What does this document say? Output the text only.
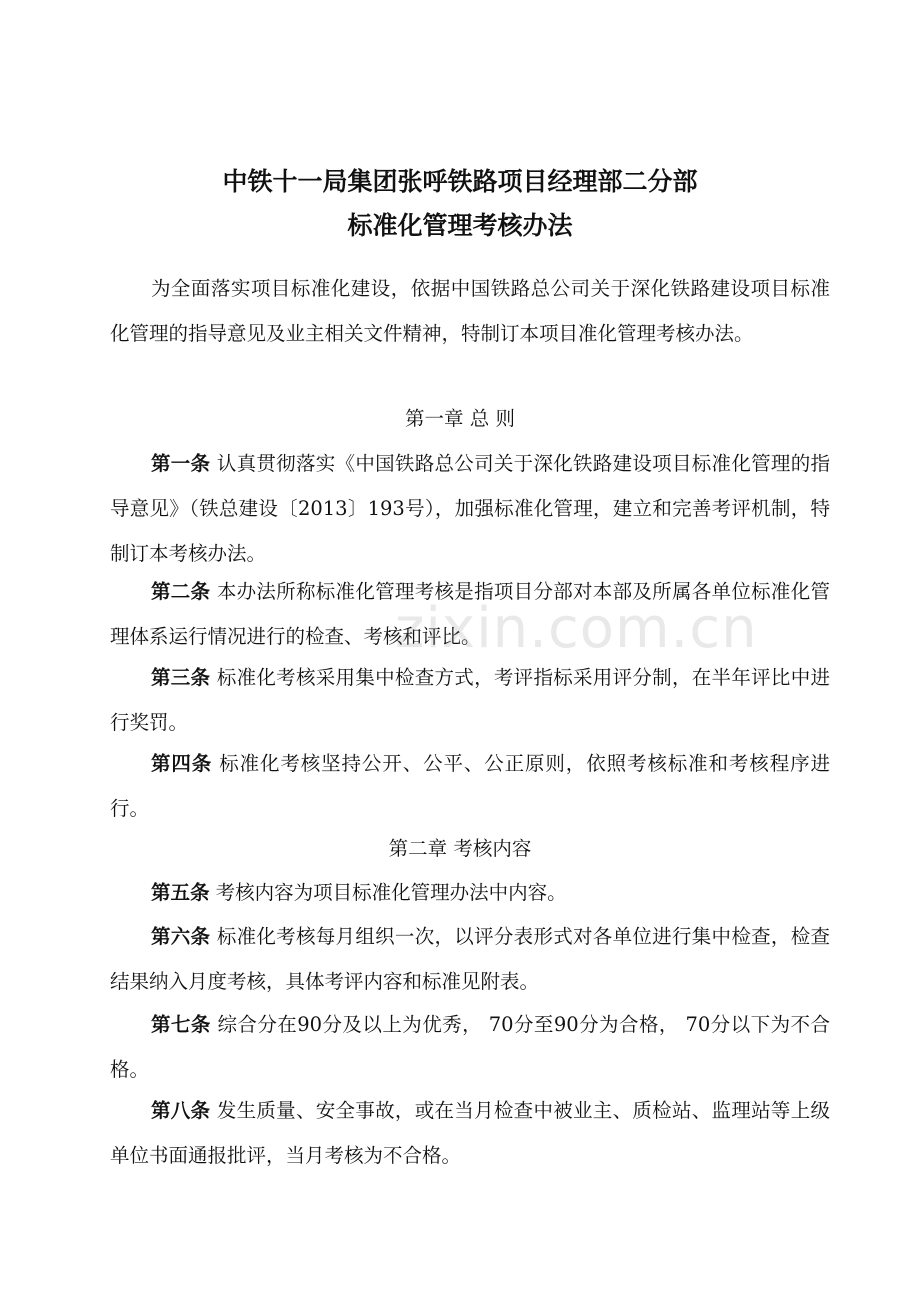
中铁十一局集团张呼铁路项目经理部二分部
标准化管理考核办法
为全面落实项目标准化建设，依据中国铁路总公司关于深化铁路建设项目标准化管理的指导意见及业主相关文件精神，特制订本项目准化管理考核办法。
第一章 总 则
第一条 认真贯彻落实《中国铁路总公司关于深化铁路建设项目标准化管理的指导意见》（铁总建设〔2013〕193号），加强标准化管理，建立和完善考评机制，特制订本考核办法。
第二条 本办法所称标准化管理考核是指项目分部对本部及所属各单位标准化管理体系运行情况进行的检查、考核和评比。
第三条 标准化考核采用集中检查方式，考评指标采用评分制，在半年评比中进行奖罚。
第四条 标准化考核坚持公开、公平、公正原则，依照考核标准和考核程序进行。
第二章 考核内容
第五条 考核内容为项目标准化管理办法中内容。
第六条 标准化考核每月组织一次，以评分表形式对各单位进行集中检查，检查结果纳入月度考核，具体考评内容和标准见附表。
第七条 综合分在90分及以上为优秀， 70分至90分为合格， 70分以下为不合格。
第八条 发生质量、安全事故，或在当月检查中被业主、质检站、监理站等上级单位书面通报批评，当月考核为不合格。
zixin.com.cn
